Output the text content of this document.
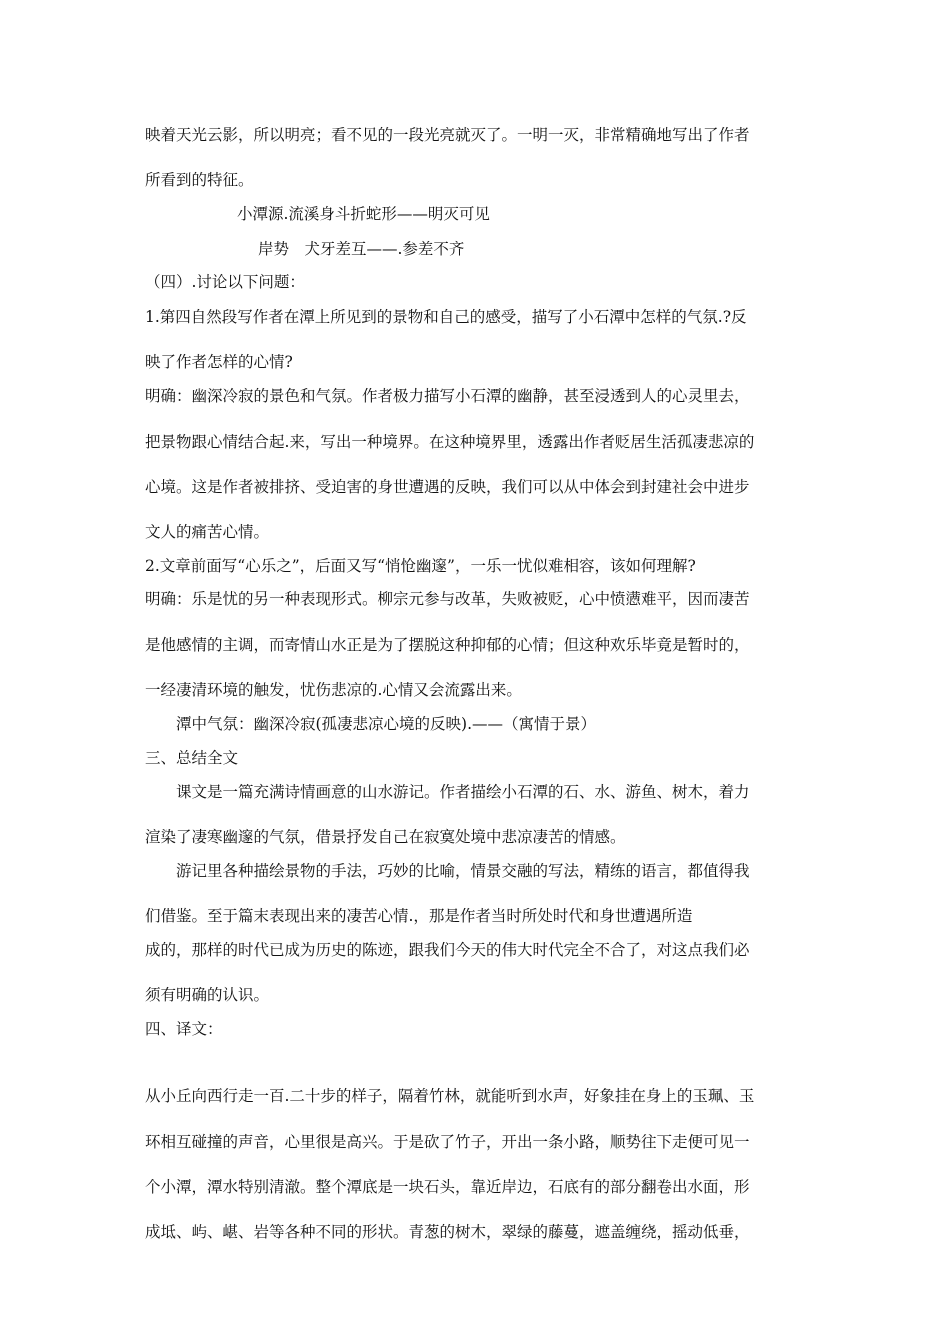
映着天光云影，所以明亮；看不见的一段光亮就灭了。一明一灭，非常精确地写出了作者
所看到的特征。
小潭源.流溪身斗折蛇形——明灭可见
岸势　犬牙差互——.参差不齐
（四）.讨论以下问题：
1.第四自然段写作者在潭上所见到的景物和自己的感受，描写了小石潭中怎样的气氛.?反
映了作者怎样的心情?
明确：幽深冷寂的景色和气氛。作者极力描写小石潭的幽静，甚至浸透到人的心灵里去，
把景物跟心情结合起.来，写出一种境界。在这种境界里，透露出作者贬居生活孤凄悲凉的
心境。这是作者被排挤、受迫害的身世遭遇的反映，我们可以从中体会到封建社会中进步
文人的痛苦心情。
2.文章前面写“心乐之”，后面又写“悄怆幽邃”，一乐一忧似难相容，该如何理解?
明确：乐是忧的另一种表现形式。柳宗元参与改革，失败被贬，心中愤懑难平，因而凄苦
是他感情的主调，而寄情山水正是为了摆脱这种抑郁的心情；但这种欢乐毕竟是暂时的，
一经凄清环境的触发，忧伤悲凉的.心情又会流露出来。
潭中气氛：幽深冷寂(孤凄悲凉心境的反映).——（寓情于景）
三、总结全文
课文是一篇充满诗情画意的山水游记。作者描绘小石潭的石、水、游鱼、树木，着力
渲染了凄寒幽邃的气氛，借景抒发自己在寂寞处境中悲凉凄苦的情感。
游记里各种描绘景物的手法，巧妙的比喻，情景交融的写法，精练的语言，都值得我
们借鉴。至于篇末表现出来的凄苦心情.，那是作者当时所处时代和身世遭遇所造
成的，那样的时代已成为历史的陈迹，跟我们今天的伟大时代完全不合了，对这点我们必
须有明确的认识。
四、译文：
从小丘向西行走一百.二十步的样子，隔着竹林，就能听到水声，好象挂在身上的玉珮、玉
环相互碰撞的声音，心里很是高兴。于是砍了竹子，开出一条小路，顺势往下走便可见一
个小潭，潭水特别清澈。整个潭底是一块石头，靠近岸边，石底有的部分翻卷出水面，形
成坻、屿、嵁、岩等各种不同的形状。青葱的树木，翠绿的藤蔓，遮盖缠绕，摇动低垂，
